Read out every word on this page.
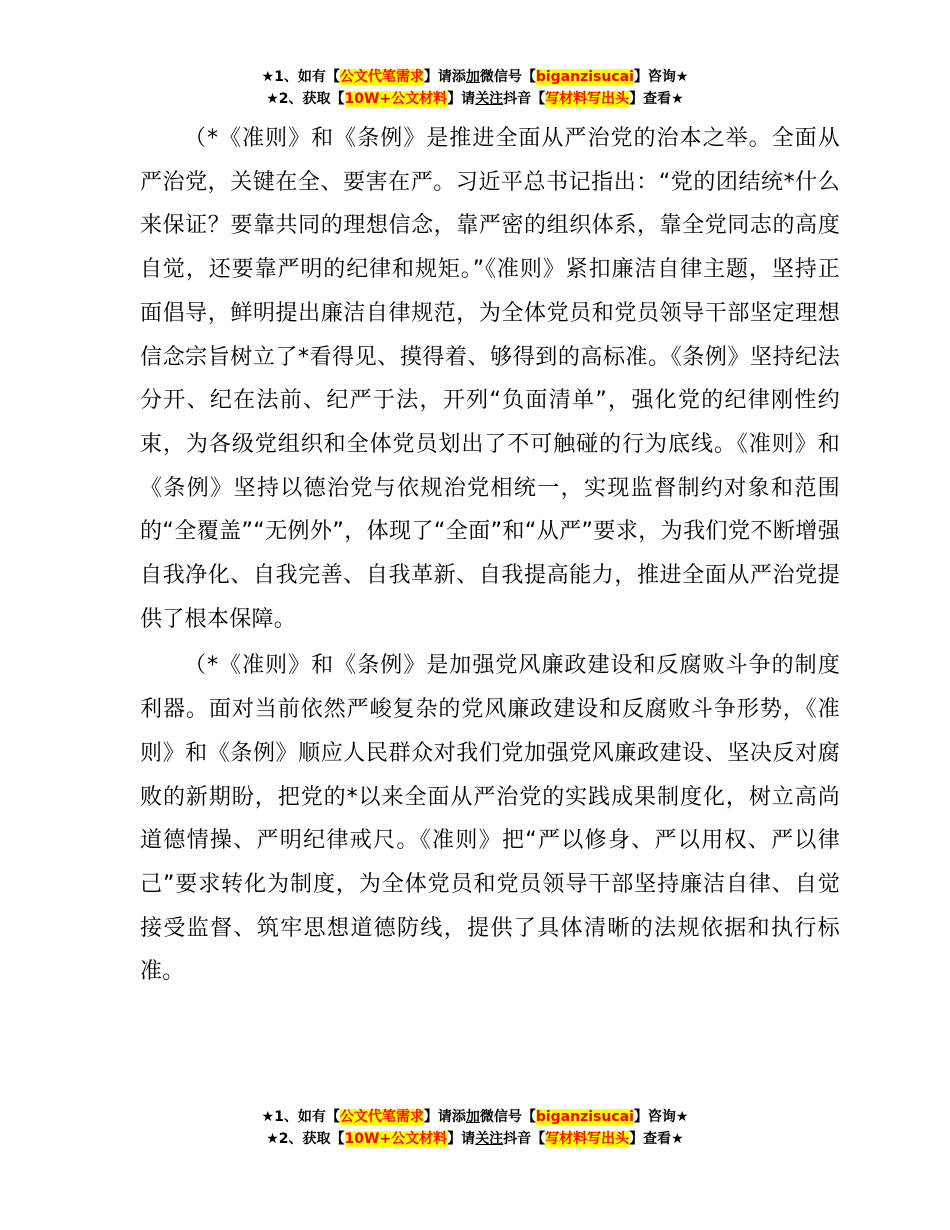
★1、如有【公文代笔需求】请添加微信号【biganzisucai】咨询★
★2、获取【10W+公文材料】请关注抖音【写材料写出头】查看★

（*《准则》和《条例》是推进全面从严治党的治本之举。全面从严治党，关键在全、要害在严。习近平总书记指出：“党的团结统*什么来保证？要靠共同的理想信念，靠严密的组织体系，靠全党同志的高度自觉，还要靠严明的纪律和规矩。”《准则》紧扣廉洁自律主题，坚持正面倡导，鲜明提出廉洁自律规范，为全体党员和党员领导干部坚定理想信念宗旨树立了*看得见、摸得着、够得到的高标准。《条例》坚持纪法分开、纪在法前、纪严于法，开列“负面清单”，强化党的纪律刚性约束，为各级党组织和全体党员划出了不可触碰的行为底线。《准则》和《条例》坚持以德治党与依规治党相统一，实现监督制约对象和范围的“全覆盖”“无例外”，体现了“全面”和“从严”要求，为我们党不断增强自我净化、自我完善、自我革新、自我提高能力，推进全面从严治党提供了根本保障。

（*《准则》和《条例》是加强党风廉政建设和反腐败斗争的制度利器。面对当前依然严峻复杂的党风廉政建设和反腐败斗争形势，《准则》和《条例》顺应人民群众对我们党加强党风廉政建设、坚决反对腐败的新期盼，把党的*以来全面从严治党的实践成果制度化，树立高尚道德情操、严明纪律戒尺。《准则》把“严以修身、严以用权、严以律己”要求转化为制度，为全体党员和党员领导干部坚持廉洁自律、自觉接受监督、筑牢思想道德防线，提供了具体清晰的法规依据和执行标准。

★1、如有【公文代笔需求】请添加微信号【biganzisucai】咨询★
★2、获取【10W+公文材料】请关注抖音【写材料写出头】查看★
